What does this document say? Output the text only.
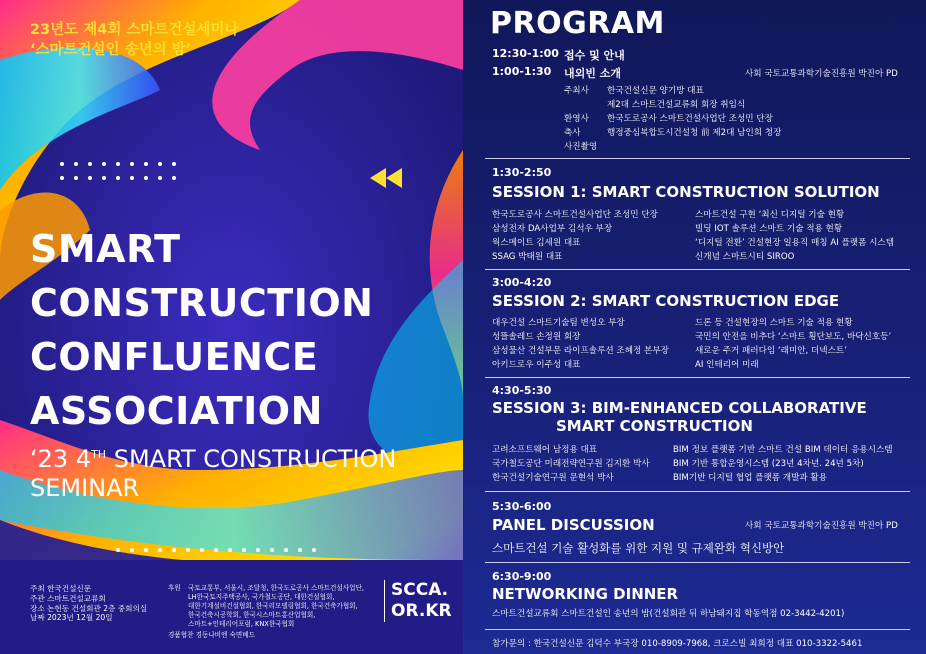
23년도 제4회 스마트건설세미나
‘스마트건설인 송년의 밤’
SMART
CONSTRUCTION
CONFLUENCE
ASSOCIATION
‘23 4TH SMART CONSTRUCTION
SEMINAR
주최 한국건설신문
주관 스마트건설교류회
장소 논현동 건설회관 2층 중회의실
날짜 2023년 12월 20일
후원	국토교통부, 서울시, 조달청, 한국도로공사 스마트건설사업단,
LH한국토지주택공사, 국가철도공단, 대한건설협회,
대한기계설비건설협회, 한국리모델링협회, 한국건축가협회,
한국건축시공학회, 한국시스마트홍산업협회,
스마트+인테리어포럼, KNX한국협회
경품협찬 경동나비엔 숙면베드
SCCA.
OR.KR
PROGRAM
12:30-1:00 접수 및 안내
1:00-1:30 내외빈 소개	사회 국토교통과학기술진흥원 박진아 PD
주최사 한국건설신문 양기방 대표
제2대 스마트건설교류회 회장 취임식
환영사 한국도로공사 스마트건설사업단 조성민 단장
축사	행정중심복합도시건설청 前 제2대 남인희 청장
사진촬영
1:30-2:50
SESSION 1: SMART CONSTRUCTION SOLUTION
한국도로공사 스마트건설사업단 조성민 단장	스마트건설 구현 ‘최신 디지털 기술 현황
삼성전자 DA사업부 김석우 부장	빌딩 IOT 솔루션 스마트 기술 적용 현황
웍스메이트 김세원 대표	‘디지털 전환’ 건설현장 일용직 매칭 AI 플랫폼 시스템
SSAG 박태원 대표	신개념 스마트시티 SIROO
3:00-4:20
SESSION 2: SMART CONSTRUCTION EDGE
대우건설 스마트기술팀 변성오 부장	드론 등 건설현장의 스마트 기술 적용 현황
성뜰솔레드 손정원 회장	국민의 안전을 비추다 ‘스마트 횡단보도, 바닥신호등’
삼성물산 건설부문 라이프솔루션 조혜정 본부장	새로운 주거 패러다임 ‘래미안, 더넥스트’
아키드로우 이주성 대표	AI 인테리어 미래
4:30-5:30
SESSION 3: BIM-ENHANCED COLLABORATIVE
SMART CONSTRUCTION
고려소프트웨어 남정용 대표	BIM 정보 플랫폼 기반 스마트 건설 BIM 데이터 응용시스템
국가철도공단 미래전략연구원 김지환 박사	BIM 기반 통합운영시스템 (23년 4차년. 24년 5차)
한국건설기술연구원 문현석 박사	BIM기반 디지털 협업 플랫폼 개발과 활용
5:30-6:00
PANEL DISCUSSION	사회 국토교통과학기술진흥원 박진아 PD
스마트건설 기술 활성화를 위한 지원 및 규제완화 혁신방안
6:30-9:00
NETWORKING DINNER
스마트건설교류회 스마트건설인 송년의 밤(건설회관 뒤 하남돼지집 학동역점 02-3442-4201)
참가문의 : 한국건설신문 김덕수 부국장 010-8909-7968, 크로스빌 최희정 대표 010-3322-5461
